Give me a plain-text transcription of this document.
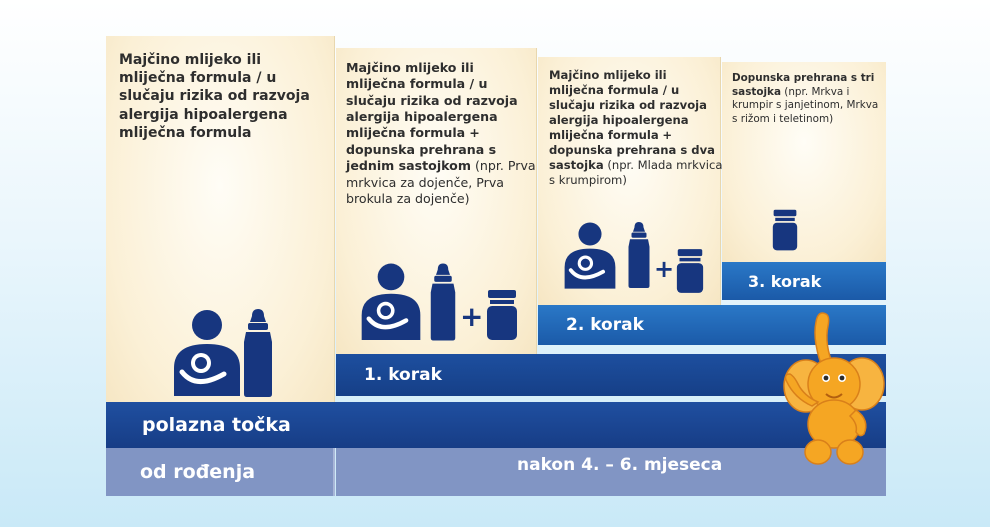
Majčino mlijeko ili mliječna formula / u slučaju rizika od razvoja alergija hipoalergena mliječna formula
Majčino mlijeko ili mliječna formula / u slučaju rizika od razvoja alergija hipoalergena mliječna formula + dopunska prehrana s jednim sastojkom (npr. Prva mrkvica za dojenče, Prva brokula za dojenče)
+
Majčino mlijeko ili mliječna formula / u slučaju rizika od razvoja alergija hipoalergena mliječna formula + dopunska prehrana s dva sastojka (npr. Mlada mrkvica s krumpirom)
+
Dopunska prehrana s tri sastojka (npr. Mrkva i krumpir s janjetinom, Mrkva s rižom i teletinom)
3. korak
2. korak
1. korak
polazna točka
od rođenja	nakon 4. – 6. mjeseca
